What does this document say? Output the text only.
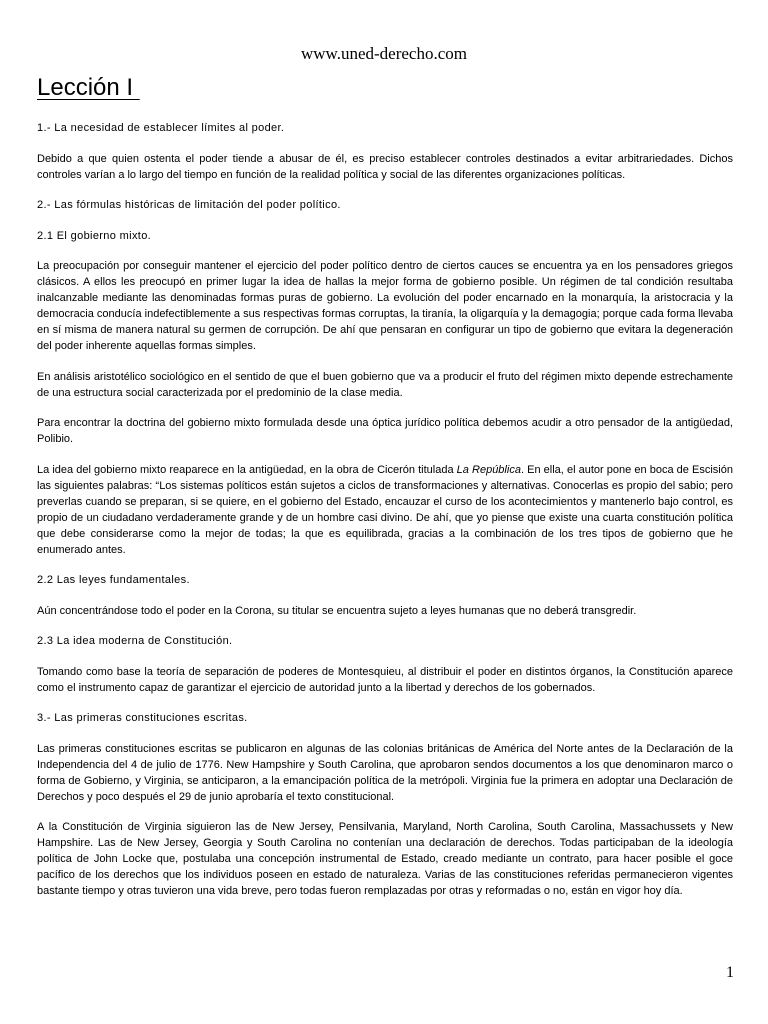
www.uned-derecho.com
Lección I

1.- La necesidad de establecer límites al poder.

Debido a que quien ostenta el poder tiende a abusar de él, es preciso establecer controles destinados a evitar arbitrariedades. Dichos controles varían a lo largo del tiempo en función de la realidad política y social de las diferentes organizaciones políticas.

2.- Las fórmulas históricas de limitación del poder político.

2.1 El gobierno mixto.

La preocupación por conseguir mantener el ejercicio del poder político dentro de ciertos cauces se encuentra ya en los pensadores griegos clásicos. A ellos les preocupó en primer lugar la idea de hallas la mejor forma de gobierno posible. Un régimen de tal condición resultaba inalcanzable mediante las denominadas formas puras de gobierno. La evolución del poder encarnado en la monarquía, la aristocracia y la democracia conducía indefectiblemente a sus respectivas formas corruptas, la tiranía, la oligarquía y la demagogia; porque cada forma llevaba en sí misma de manera natural su germen de corrupción. De ahí que pensaran en configurar un tipo de gobierno que evitara la degeneración del poder inherente aquellas formas simples.

En análisis aristotélico sociológico en el sentido de que el buen gobierno que va a producir el fruto del régimen mixto depende estrechamente de una estructura social caracterizada por el predominio de la clase media.

Para encontrar la doctrina del gobierno mixto formulada desde una óptica jurídico política debemos acudir a otro pensador de la antigüedad, Polibio.

La idea del gobierno mixto reaparece en la antigüedad, en la obra de Cicerón titulada La República. En ella, el autor pone en boca de Escisión las siguientes palabras: “Los sistemas políticos están sujetos a ciclos de transformaciones y alternativas. Conocerlas es propio del sabio; pero preverlas cuando se preparan, si se quiere, en el gobierno del Estado, encauzar el curso de los acontecimientos y mantenerlo bajo control, es propio de un ciudadano verdaderamente grande y de un hombre casi divino. De ahí, que yo piense que existe una cuarta constitución política que debe considerarse como la mejor de todas; la que es equilibrada, gracias a la combinación de los tres tipos de gobierno que he enumerado antes.

2.2 Las leyes fundamentales.

Aún concentrándose todo el poder en la Corona, su titular se encuentra sujeto a leyes humanas que no deberá transgredir.

2.3 La idea moderna de Constitución.

Tomando como base la teoría de separación de poderes de Montesquieu, al distribuir el poder en distintos órganos, la Constitución aparece como el instrumento capaz de garantizar el ejercicio de autoridad junto a la libertad y derechos de los gobernados.

3.- Las primeras constituciones escritas.

Las primeras constituciones escritas se publicaron en algunas de las colonias británicas de América del Norte antes de la Declaración de la Independencia del 4 de julio de 1776. New Hampshire y South Carolina, que aprobaron sendos documentos a los que denominaron marco o forma de Gobierno, y Virginia, se anticiparon, a la emancipación política de la metrópoli. Virginia fue la primera en adoptar una Declaración de Derechos y poco después el 29 de junio aprobaría el texto constitucional.

A la Constitución de Virginia siguieron las de New Jersey, Pensilvania, Maryland, North Carolina, South Carolina, Massachussets y New Hampshire. Las de New Jersey, Georgia y South Carolina no contenían una declaración de derechos. Todas participaban de la ideología política de John Locke que, postulaba una concepción instrumental de Estado, creado mediante un contrato, para hacer posible el goce pacífico de los derechos que los individuos poseen en estado de naturaleza. Varias de las constituciones referidas permanecieron vigentes bastante tiempo y otras tuvieron una vida breve, pero todas fueron remplazadas por otras y reformadas o no, están en vigor hoy día.

1
